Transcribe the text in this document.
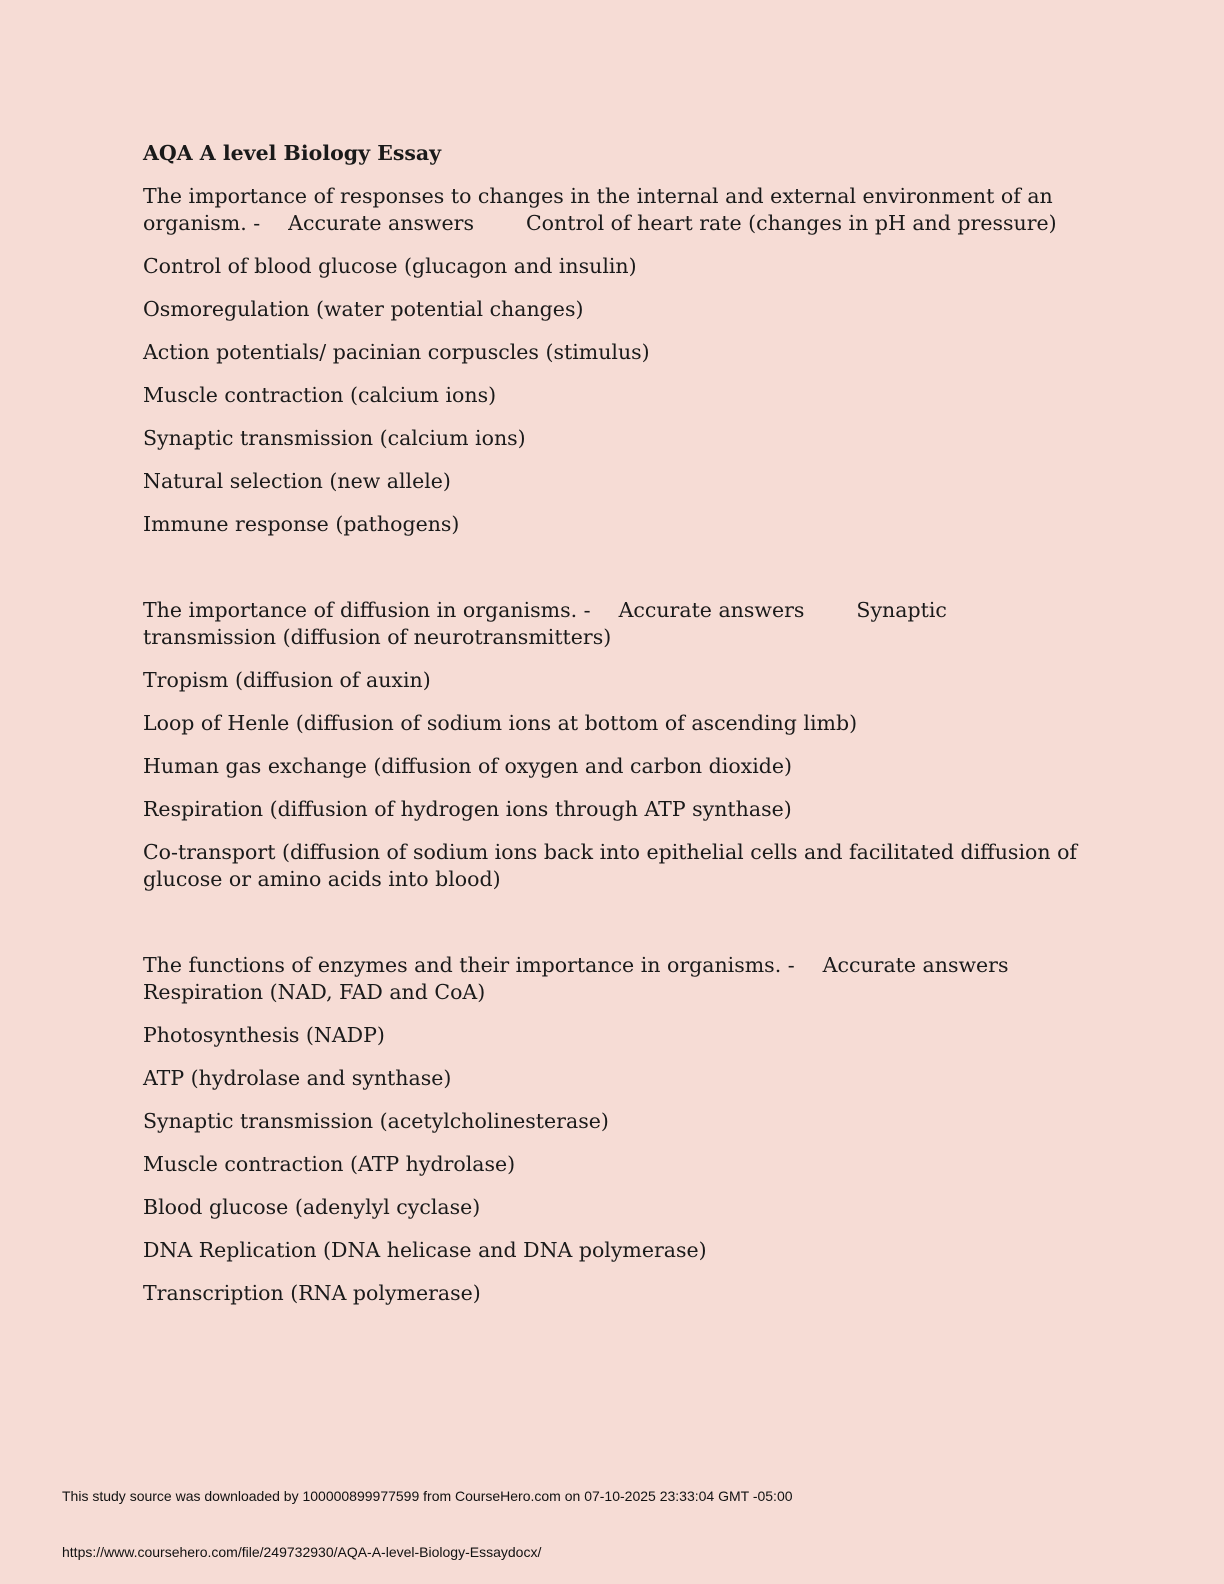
AQA A level Biology Essay
The importance of responses to changes in the internal and external environment of an organism. - Accurate answers	Control of heart rate (changes in pH and pressure)
Control of blood glucose (glucagon and insulin)
Osmoregulation (water potential changes)
Action potentials/ pacinian corpuscles (stimulus)
Muscle contraction (calcium ions)
Synaptic transmission (calcium ions)
Natural selection (new allele)
Immune response (pathogens)
The importance of diffusion in organisms. - Accurate answers	Synaptic transmission (diffusion of neurotransmitters)
Tropism (diffusion of auxin)
Loop of Henle (diffusion of sodium ions at bottom of ascending limb)
Human gas exchange (diffusion of oxygen and carbon dioxide)
Respiration (diffusion of hydrogen ions through ATP synthase)
Co-transport (diffusion of sodium ions back into epithelial cells and facilitated diffusion of glucose or amino acids into blood)
The functions of enzymes and their importance in organisms. - Accurate answers
Respiration (NAD, FAD and CoA)
Photosynthesis (NADP)
ATP (hydrolase and synthase)
Synaptic transmission (acetylcholinesterase)
Muscle contraction (ATP hydrolase)
Blood glucose (adenylyl cyclase)
DNA Replication (DNA helicase and DNA polymerase)
Transcription (RNA polymerase)
This study source was downloaded by 100000899977599 from CourseHero.com on 07-10-2025 23:33:04 GMT -05:00
https://www.coursehero.com/file/249732930/AQA-A-level-Biology-Essaydocx/
